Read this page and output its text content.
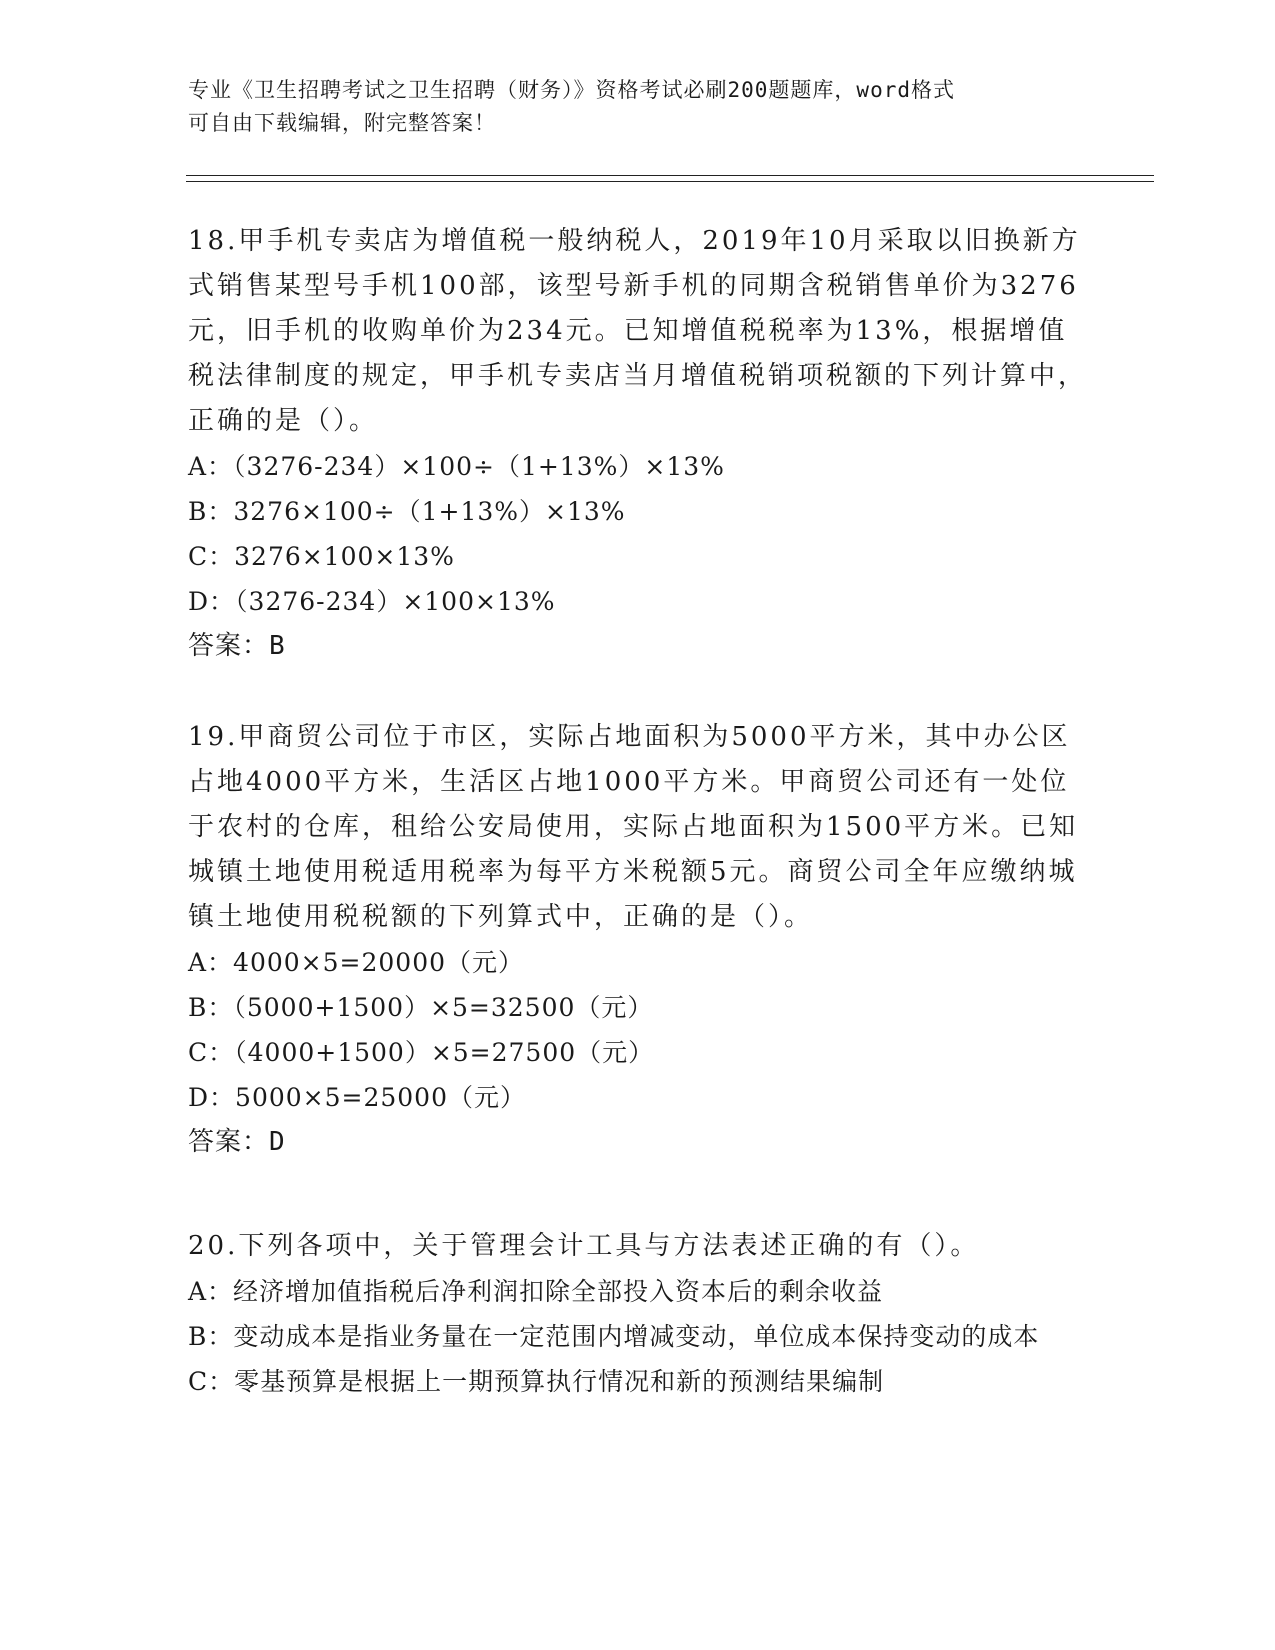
专业《卫生招聘考试之卫生招聘（财务）》资格考试必刷200题题库，word格式
可自由下载编辑，附完整答案！

18.甲手机专卖店为增值税一般纳税人，2019年10月采取以旧换新方式销售某型号手机100部，该型号新手机的同期含税销售单价为3276元，旧手机的收购单价为234元。已知增值税税率为13%，根据增值税法律制度的规定，甲手机专卖店当月增值税销项税额的下列计算中，正确的是（）。

A：（3276-234）×100÷（1+13%）×13%

B：3276×100÷（1+13%）×13%

C：3276×100×13%

D：（3276-234）×100×13%

答案：B

19.甲商贸公司位于市区，实际占地面积为5000平方米，其中办公区占地4000平方米，生活区占地1000平方米。甲商贸公司还有一处位于农村的仓库，租给公安局使用，实际占地面积为1500平方米。已知城镇土地使用税适用税率为每平方米税额5元。商贸公司全年应缴纳城镇土地使用税税额的下列算式中，正确的是（）。

A：4000×5=20000（元）

B：（5000+1500）×5=32500（元）

C：（4000+1500）×5=27500（元）

D：5000×5=25000（元）

答案：D

20.下列各项中，关于管理会计工具与方法表述正确的有（）。

A：经济增加值指税后净利润扣除全部投入资本后的剩余收益

B：变动成本是指业务量在一定范围内增减变动，单位成本保持变动的成本

C：零基预算是根据上一期预算执行情况和新的预测结果编制
